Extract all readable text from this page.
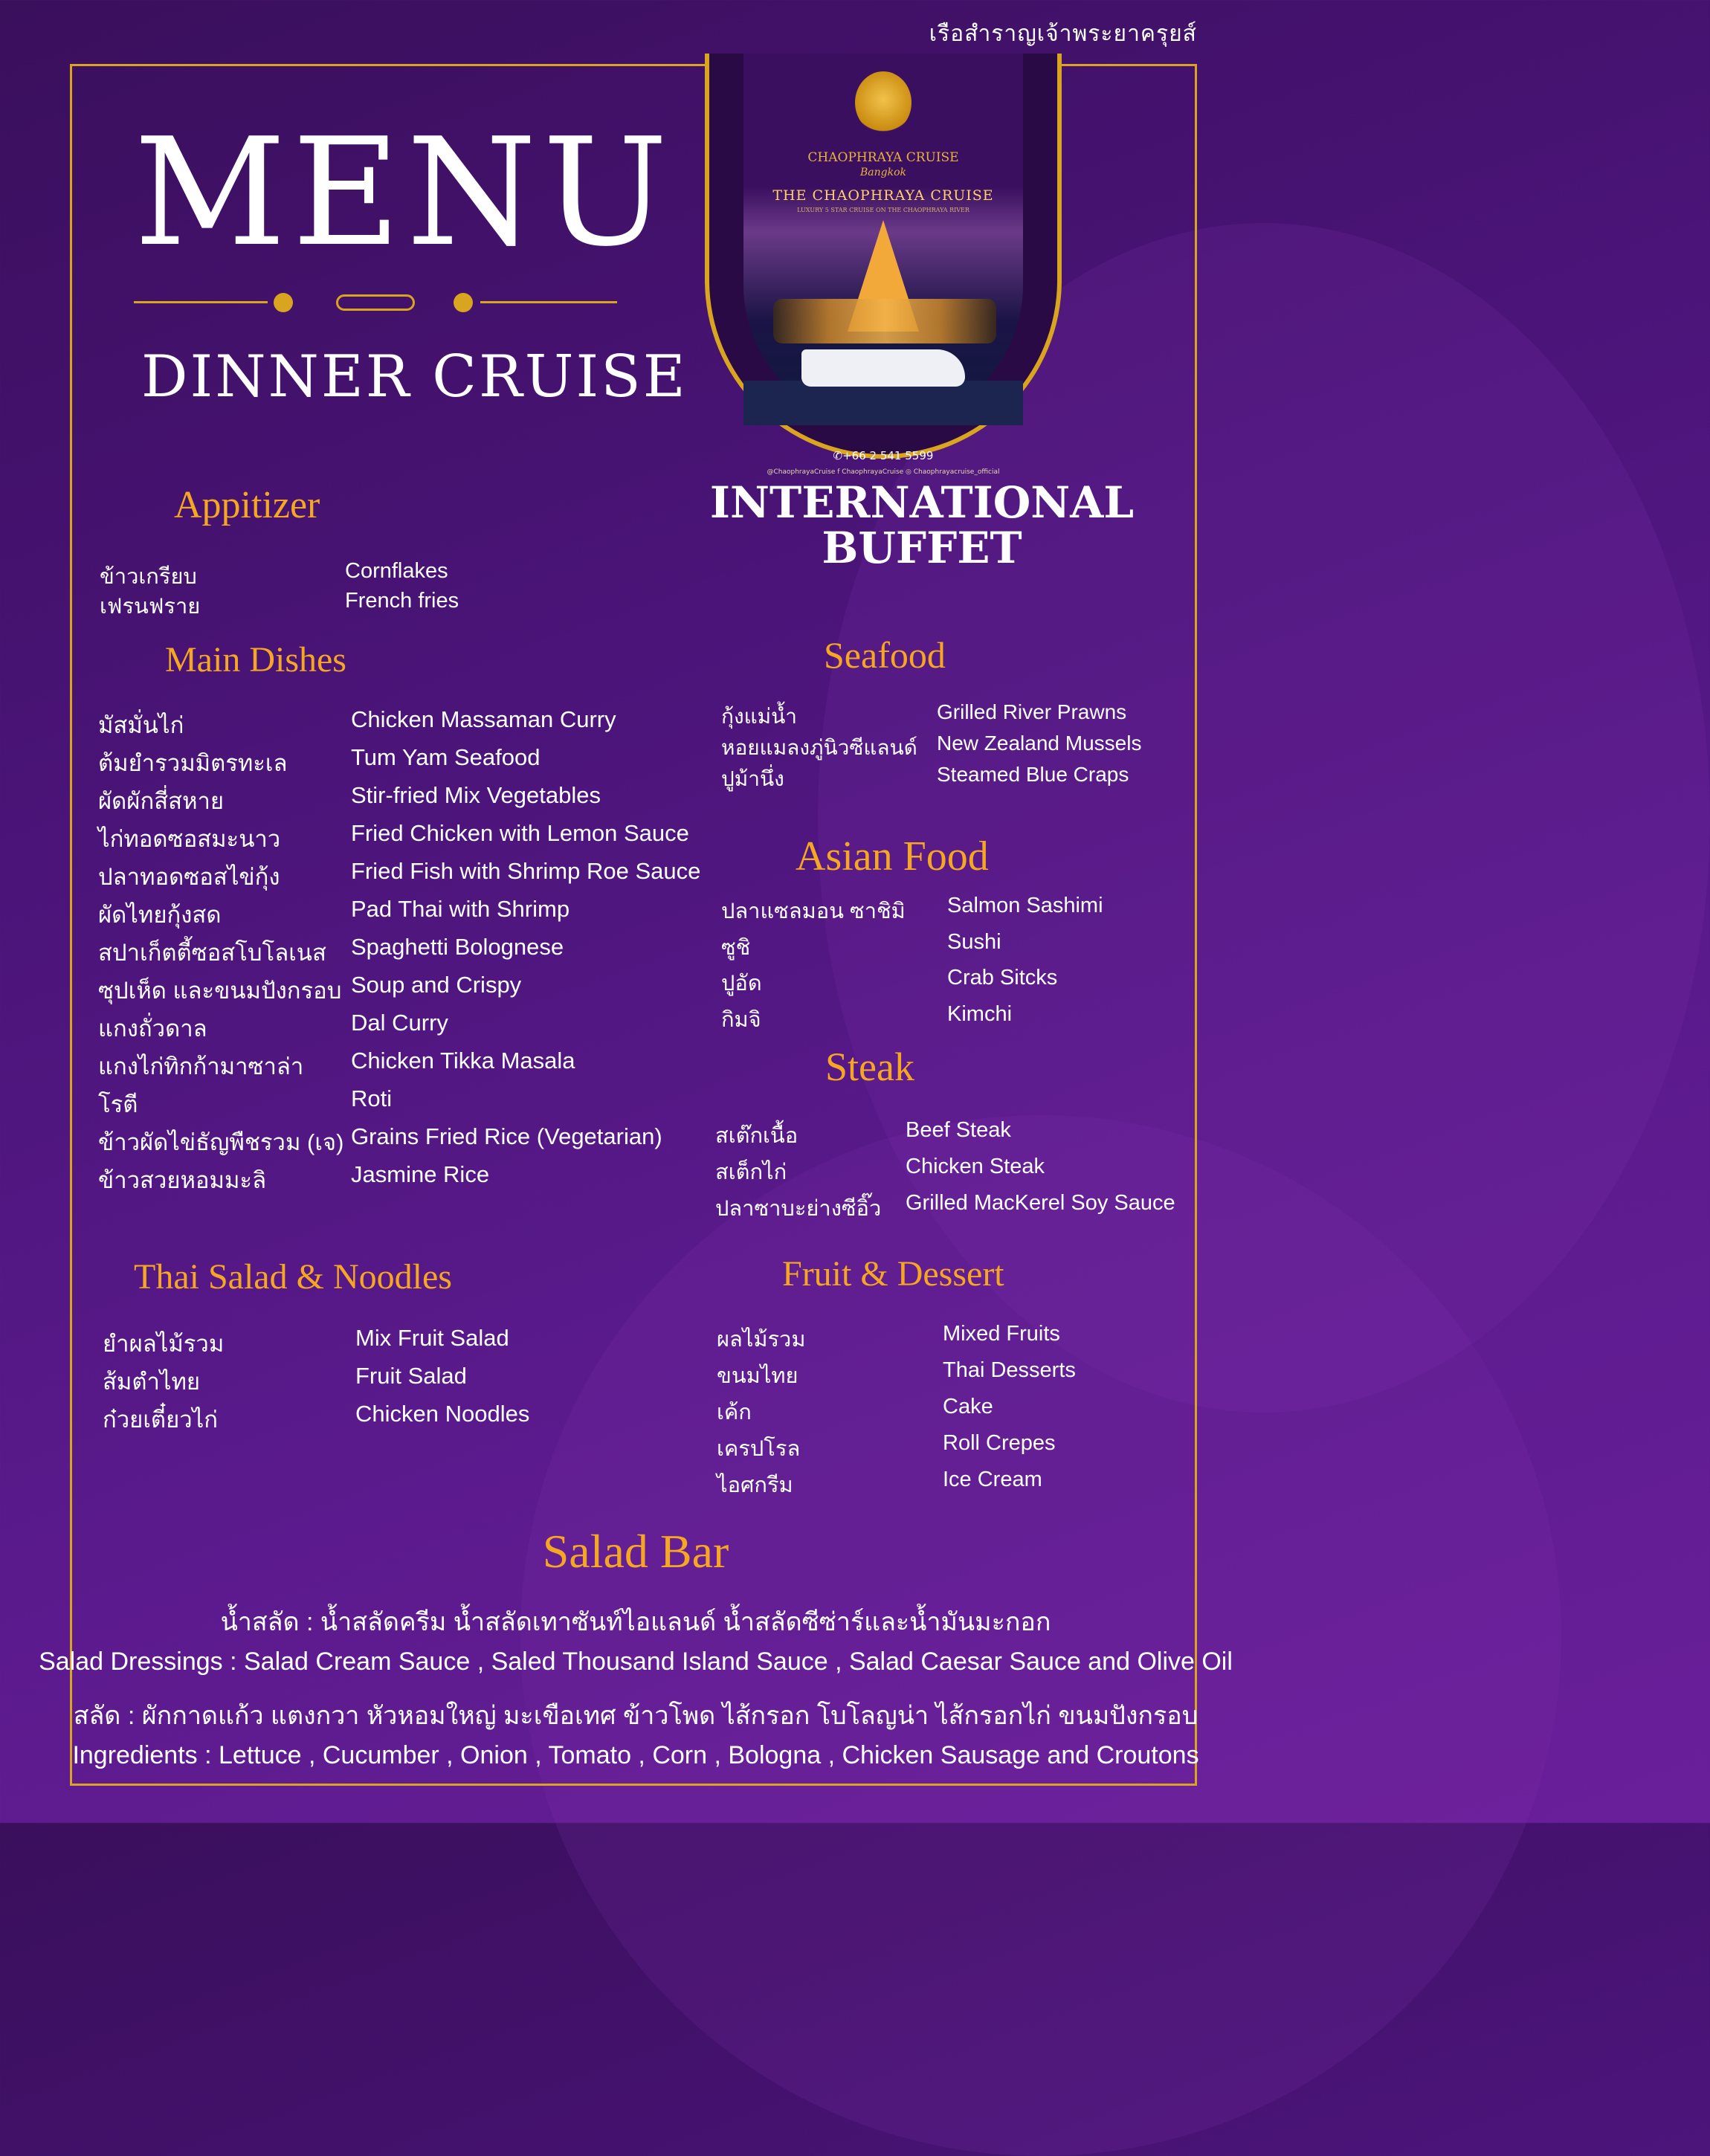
เรือสำราญเจ้าพระยาครุยส์
MENU
DINNER CRUISE
CHAOPHRAYA CRUISE
Bangkok
THE CHAOPHRAYA CRUISE
LUXURY 5 STAR CRUISE ON THE CHAOPHRAYA RIVER
✆+66 2 541 5599
@ChaophrayaCruise f ChaophrayaCruise ◎ Chaophrayacruise_official
INTERNATIONAL
BUFFET
Appitizer
ข้าวเกรียบ	Cornflakes
เฟรนฟราย	French fries
Main Dishes
มัสมั่นไก่	Chicken Massaman Curry
ต้มยำรวมมิตรทะเล	Tum Yam Seafood
ผัดผักสี่สหาย	Stir-fried Mix Vegetables
ไก่ทอดซอสมะนาว	Fried Chicken with Lemon Sauce
ปลาทอดซอสไข่กุ้ง	Fried Fish with Shrimp Roe Sauce
ผัดไทยกุ้งสด	Pad Thai with Shrimp
สปาเก็ตตี้ซอสโบโลเนส Spaghetti Bolognese
ซุปเห็ด และขนมปังกรอบ Soup and Crispy
แกงถั่วดาล	Dal Curry
แกงไก่ทิกก้ามาซาล่า Chicken Tikka Masala
โรตี	Roti
ข้าวผัดไข่ธัญพืชรวม (เจ) Grains Fried Rice (Vegetarian)
ข้าวสวยหอมมะลิ	Jasmine Rice
Thai Salad & Noodles
ยำผลไม้รวม	Mix Fruit Salad
ส้มตำไทย	Fruit Salad
ก๋วยเตี๋ยวไก่	Chicken Noodles
Seafood
กุ้งแม่น้ำ	Grilled River Prawns
หอยแมลงภู่นิวซีแลนด์ New Zealand Mussels
ปูม้านึ่ง	Steamed Blue Craps
Asian Food
ปลาแซลมอน ซาชิมิ Salmon Sashimi
ซูชิ	Sushi
ปูอัด	Crab Sitcks
กิมจิ	Kimchi
Steak
สเต๊กเนื้อ	Beef Steak
สเต็กไก่	Chicken Steak
ปลาซาบะย่างซีอิ๊ว Grilled MacKerel Soy Sauce
Fruit & Dessert
ผลไม้รวม	Mixed Fruits
ขนมไทย	Thai Desserts
เค้ก	Cake
เครปโรล	Roll Crepes
ไอศกรีม	Ice Cream
Salad Bar
น้ำสลัด : น้ำสลัดครีม น้ำสลัดเทาซันท์ไอแลนด์ น้ำสลัดซีซ่าร์และน้ำมันมะกอก
Salad Dressings : Salad Cream Sauce , Saled Thousand Island Sauce , Salad Caesar Sauce and Olive Oil
สลัด : ผักกาดแก้ว แตงกวา หัวหอมใหญ่ มะเขือเทศ ข้าวโพด ไส้กรอก โบโลญน่า ไส้กรอกไก่ ขนมปังกรอบ
Ingredients : Lettuce , Cucumber , Onion , Tomato , Corn , Bologna , Chicken Sausage and Croutons
